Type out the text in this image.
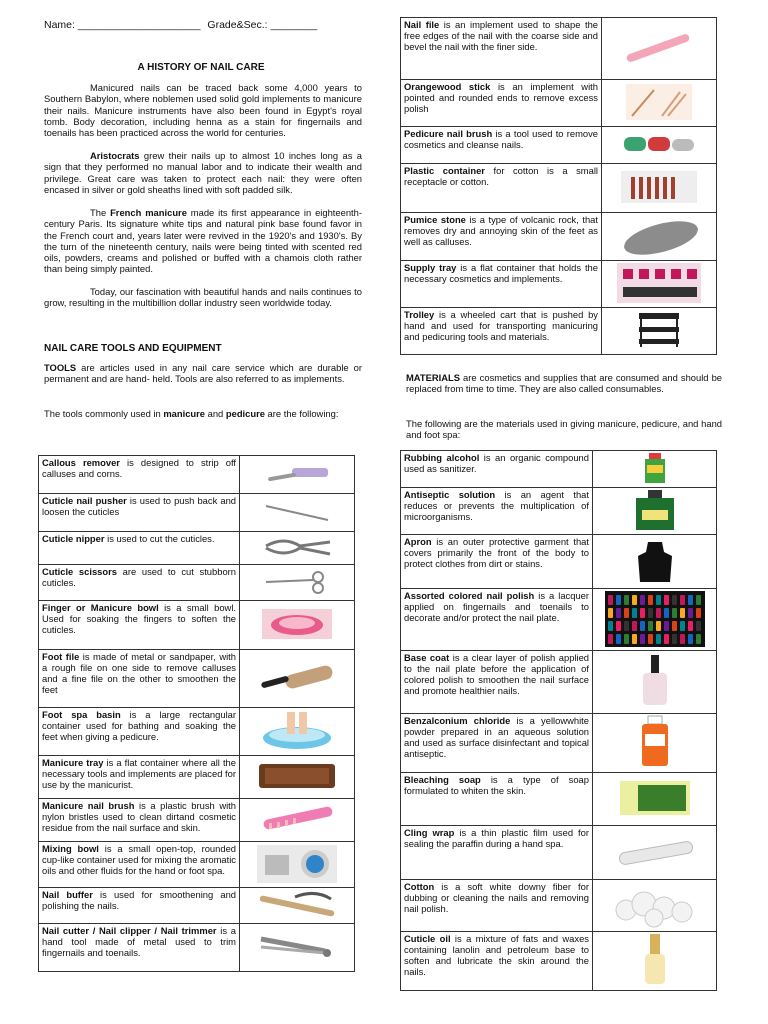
Name: _____________________ Grade&Sec.: ________
A HISTORY OF NAIL CARE

Manicured nails can be traced back some 4,000 years to Southern Babylon, where noblemen used solid gold implements to manicure their nails. Manicure instruments have also been found in Egypt's royal tomb. Body decoration, including henna as a stain for fingernails and toenails has been practiced across the world for centuries.

Aristocrats grew their nails up to almost 10 inches long as a sign that they performed no manual labor and to indicate their wealth and privilege. Great care was taken to protect each nail: they were often encased in silver or gold sheaths lined with soft padded silk.

The French manicure made its first appearance in eighteenth-century Paris. Its signature white tips and natural pink base found favor in the French court and, years later were revived in the 1920's and 1930's. By the turn of the nineteenth century, nails were being tinted with scented red oils, powders, creams and polished or buffed with a chamois cloth rather than being simply painted.

Today, our fascination with beautiful hands and nails continues to grow, resulting in the multibillion dollar industry seen worldwide today.

NAIL CARE TOOLS AND EQUIPMENT

TOOLS are articles used in any nail care service which are durable or permanent and are hand- held. Tools are also referred to as implements.

The tools commonly used in manicure and pedicure are the following:

Callous remover is designed to strip off calluses and corns.	
Cuticle nail pusher is used to push back and loosen the cuticles	
Cuticle nipper is used to cut the cuticles.	
Cuticle scissors are used to cut stubborn cuticles.	
Finger or Manicure bowl is a small bowl. Used for soaking the fingers to soften the cuticles.	
Foot file is made of metal or sandpaper, with a rough file on one side to remove calluses and a fine file on the other to smoothen the feet	
Foot spa basin is a large rectangular container used for bathing and soaking the feet when giving a pedicure.	
Manicure tray is a flat container where all the necessary tools and implements are placed for use by the manicurist.	
Manicure nail brush is a plastic brush with nylon bristles used to clean dirtand cosmetic residue from the nail surface and skin.	
Mixing bowl is a small open-top, rounded cup-like container used for mixing the aromatic oils and other fluids for the hand or foot spa.	
Nail buffer is used for smoothening and polishing the nails.	
Nail cutter / Nail clipper / Nail trimmer is a hand tool made of metal used to trim fingernails and toenails.	
Nail file is an implement used to shape the free edges of the nail with the coarse side and bevel the nail with the finer side.	
Orangewood stick is an implement with pointed and rounded ends to remove excess polish	
Pedicure nail brush is a tool used to remove cosmetics and cleanse nails.	
Plastic container for cotton is a small receptacle or cotton.	
Pumice stone is a type of volcanic rock, that removes dry and annoying skin of the feet as well as calluses.	
Supply tray is a flat container that holds the necessary cosmetics and implements.	
Trolley is a wheeled cart that is pushed by hand and used for transporting manicuring and pedicuring tools and materials.	

MATERIALS are cosmetics and supplies that are consumed and should be replaced from time to time. They are also called consumables.

The following are the materials used in giving manicure, pedicure, and hand and foot spa:

Rubbing alcohol is an organic compound used as sanitizer.	
Antiseptic solution is an agent that reduces or prevents the multiplication of microorganisms.	
Apron is an outer protective garment that covers primarily the front of the body to protect clothes from dirt or stains.	
Assorted colored nail polish is a lacquer applied on fingernails and toenails to decorate and/or protect the nail plate.	
Base coat is a clear layer of polish applied to the nail plate before the application of colored polish to smoothen the nail surface and promote healthier nails.	
Benzalconium chloride is a yellowwhite powder prepared in an aqueous solution and used as surface disinfectant and topical antiseptic.	
Bleaching soap is a type of soap formulated to whiten the skin.	
Cling wrap is a thin plastic film used for sealing the paraffin during a hand spa.	
Cotton is a soft white downy fiber for dubbing or cleaning the nails and removing nail polish.	
Cuticle oil is a mixture of fats and waxes containing lanolin and petroleum base to soften and lubricate the skin around the nails.	
